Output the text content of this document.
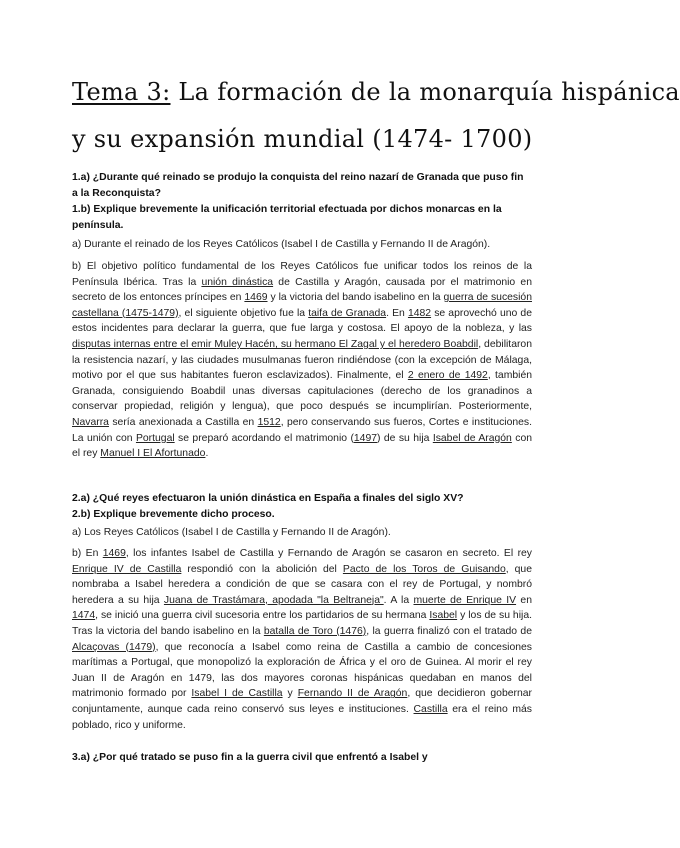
Tema 3: La formación de la monarquía hispánica
y su expansión mundial (1474- 1700)
1.a) ¿Durante qué reinado se produjo la conquista del reino nazarí de Granada que puso fin a la Reconquista?
1.b) Explique brevemente la unificación territorial efectuada por dichos monarcas en la península.
a) Durante el reinado de los Reyes Católicos (Isabel I de Castilla y Fernando II de Aragón).
b) El objetivo político fundamental de los Reyes Católicos fue unificar todos los reinos de la Península Ibérica. Tras la unión dinástica de Castilla y Aragón, causada por el matrimonio en secreto de los entonces príncipes en 1469 y la victoria del bando isabelino en la guerra de sucesión castellana (1475-1479), el siguiente objetivo fue la taifa de Granada. En 1482 se aprovechó uno de estos incidentes para declarar la guerra, que fue larga y costosa. El apoyo de la nobleza, y las disputas internas entre el emir Muley Hacén, su hermano El Zagal y el heredero Boabdil, debilitaron la resistencia nazarí, y las ciudades musulmanas fueron rindiéndose (con la excepción de Málaga, motivo por el que sus habitantes fueron esclavizados). Finalmente, el 2 enero de 1492, también Granada, consiguiendo Boabdil unas diversas capitulaciones (derecho de los granadinos a conservar propiedad, religión y lengua), que poco después se incumplirían. Posteriormente, Navarra sería anexionada a Castilla en 1512, pero conservando sus fueros, Cortes e instituciones. La unión con Portugal se preparó acordando el matrimonio (1497) de su hija Isabel de Aragón con el rey Manuel I El Afortunado.
2.a) ¿Qué reyes efectuaron la unión dinástica en España a finales del siglo XV?
2.b) Explique brevemente dicho proceso.
a) Los Reyes Católicos (Isabel I de Castilla y Fernando II de Aragón).
b) En 1469, los infantes Isabel de Castilla y Fernando de Aragón se casaron en secreto. El rey Enrique IV de Castilla respondió con la abolición del Pacto de los Toros de Guisando, que nombraba a Isabel heredera a condición de que se casara con el rey de Portugal, y nombró heredera a su hija Juana de Trastámara, apodada "la Beltraneja". A la muerte de Enrique IV en 1474, se inició una guerra civil sucesoria entre los partidarios de su hermana Isabel y los de su hija. Tras la victoria del bando isabelino en la batalla de Toro (1476), la guerra finalizó con el tratado de Alcaçovas (1479), que reconocía a Isabel como reina de Castilla a cambio de concesiones marítimas a Portugal, que monopolizó la exploración de África y el oro de Guinea. Al morir el rey Juan II de Aragón en 1479, las dos mayores coronas hispánicas quedaban en manos del matrimonio formado por Isabel I de Castilla y Fernando II de Aragón, que decidieron gobernar conjuntamente, aunque cada reino conservó sus leyes e instituciones. Castilla era el reino más poblado, rico y uniforme.
3.a) ¿Por qué tratado se puso fin a la guerra civil que enfrentó a Isabel y
